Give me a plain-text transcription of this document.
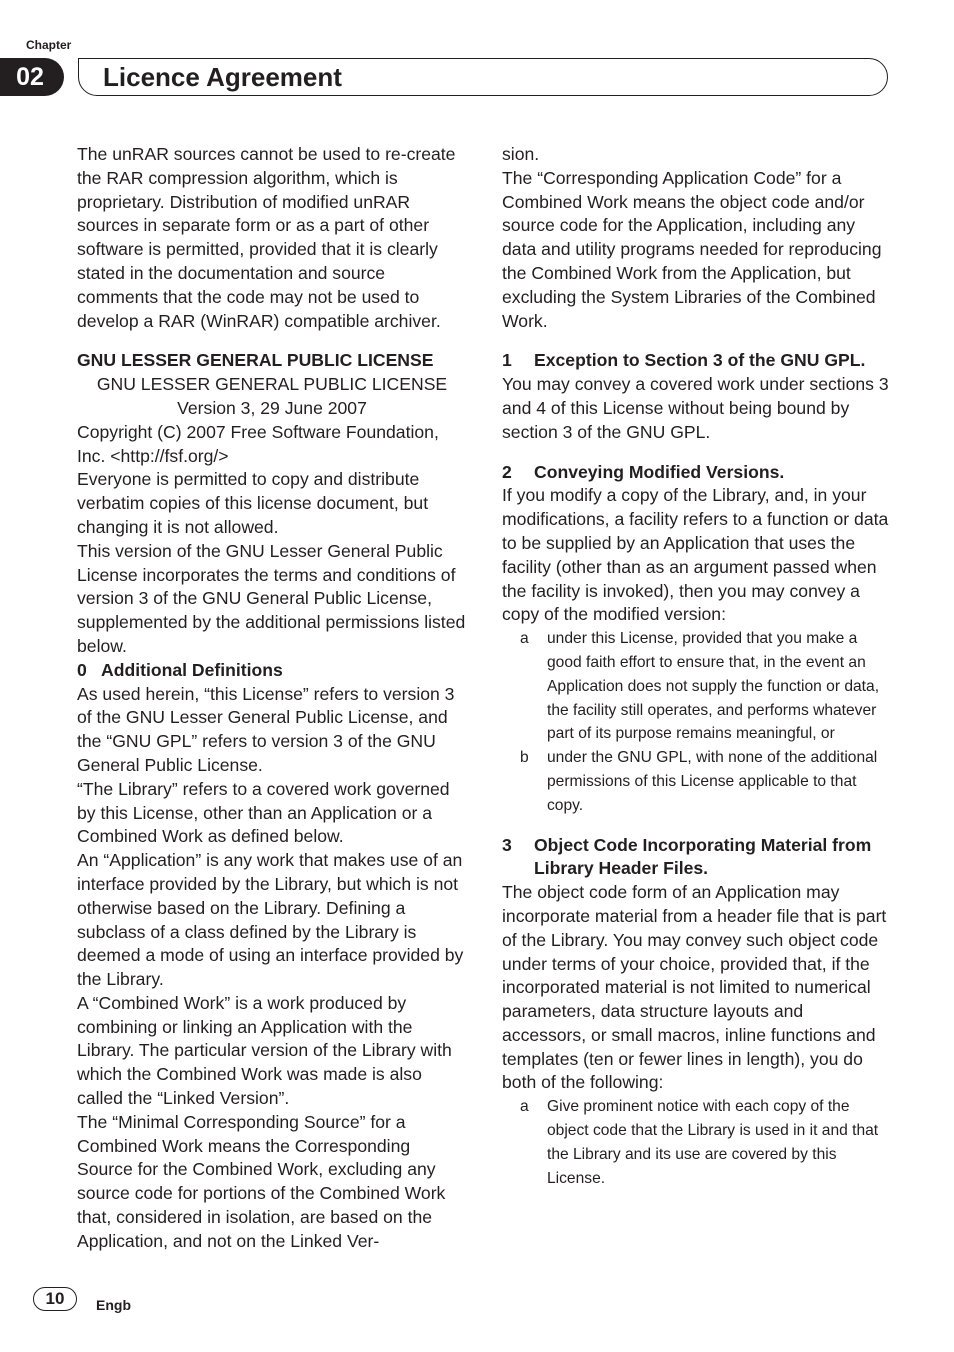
Chapter
02	Licence Agreement

The unRAR sources cannot be used to re-create the RAR compression algorithm, which is proprietary. Distribution of modified unRAR sources in separate form or as a part of other software is permitted, provided that it is clearly stated in the documentation and source comments that the code may not be used to develop a RAR (WinRAR) compatible archiver.

GNU LESSER GENERAL PUBLIC LICENSE

GNU LESSER GENERAL PUBLIC LICENSE

Version 3, 29 June 2007

Copyright (C) 2007 Free Software Foundation, Inc. <http://fsf.org/>

Everyone is permitted to copy and distribute verbatim copies of this license document, but changing it is not allowed.

This version of the GNU Lesser General Public License incorporates the terms and conditions of version 3 of the GNU General Public License, supplemented by the additional permissions listed below.

0 Additional Definitions

As used herein, “this License” refers to version 3 of the GNU Lesser General Public License, and the “GNU GPL” refers to version 3 of the GNU General Public License.

“The Library” refers to a covered work governed by this License, other than an Application or a Combined Work as defined below.

An “Application” is any work that makes use of an interface provided by the Library, but which is not otherwise based on the Library. Defining a subclass of a class defined by the Library is deemed a mode of using an interface provided by the Library.

A “Combined Work” is a work produced by combining or linking an Application with the Library. The particular version of the Library with which the Combined Work was made is also called the “Linked Version”.

The “Minimal Corresponding Source” for a Combined Work means the Corresponding Source for the Combined Work, excluding any source code for portions of the Combined Work that, considered in isolation, are based on the Application, and not on the Linked Ver-

sion.

The “Corresponding Application Code” for a Combined Work means the object code and/or source code for the Application, including any data and utility programs needed for reproducing the Combined Work from the Application, but excluding the System Libraries of the Combined Work.

1 Exception to Section 3 of the GNU GPL.

You may convey a covered work under sections 3 and 4 of this License without being bound by section 3 of the GNU GPL.

2 Conveying Modified Versions.

If you modify a copy of the Library, and, in your modifications, a facility refers to a function or data to be supplied by an Application that uses the facility (other than as an argument passed when the facility is invoked), then you may convey a copy of the modified version:

a under this License, provided that you make a good faith effort to ensure that, in the event an Application does not supply the function or data, the facility still operates, and performs whatever part of its purpose remains meaningful, or
b under the GNU GPL, with none of the additional permissions of this License applicable to that copy.

3	Object Code Incorporating Material from Library Header Files.

The object code form of an Application may incorporate material from a header file that is part of the Library. You may convey such object code under terms of your choice, provided that, if the incorporated material is not limited to numerical parameters, data structure layouts and accessors, or small macros, inline functions and templates (ten or fewer lines in length), you do both of the following:

a Give prominent notice with each copy of the object code that the Library is used in it and that the Library and its use are covered by this License.
10	Engb
